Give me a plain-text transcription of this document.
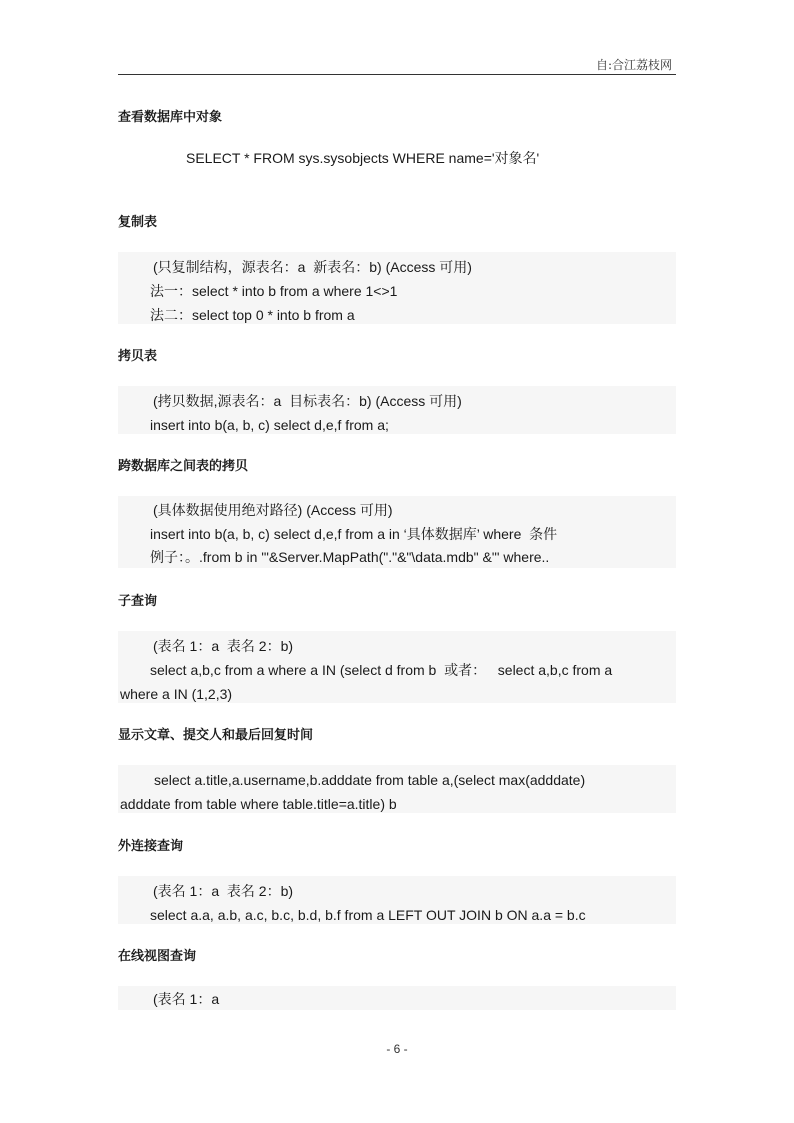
自:合江荔枝网
查看数据库中对象
SELECT * FROM sys.sysobjects WHERE name='对象名'
复制表
(只复制结构，源表名：a  新表名：b) (Access 可用)
法一：select * into b from a where 1<>1
法二：select top 0 * into b from a
拷贝表
(拷贝数据,源表名：a  目标表名：b) (Access 可用)
insert into b(a, b, c) select d,e,f from a;
跨数据库之间表的拷贝
(具体数据使用绝对路径) (Access 可用)
insert into b(a, b, c) select d,e,f from a in ‘具体数据库’ where  条件
例子：。.from b in '"&Server.MapPath("."&"\data.mdb" &"' where..
子查询
(表名 1：a  表名 2：b)
select a,b,c from a where a IN (select d from b  或者：   select a,b,c from a
where a IN (1,2,3)
显示文章、提交人和最后回复时间
select a.title,a.username,b.adddate from table a,(select max(adddate)
adddate from table where table.title=a.title) b
外连接查询
(表名 1：a  表名 2：b)
select a.a, a.b, a.c, b.c, b.d, b.f from a LEFT OUT JOIN b ON a.a = b.c
在线视图查询
(表名 1：a
- 6 -
